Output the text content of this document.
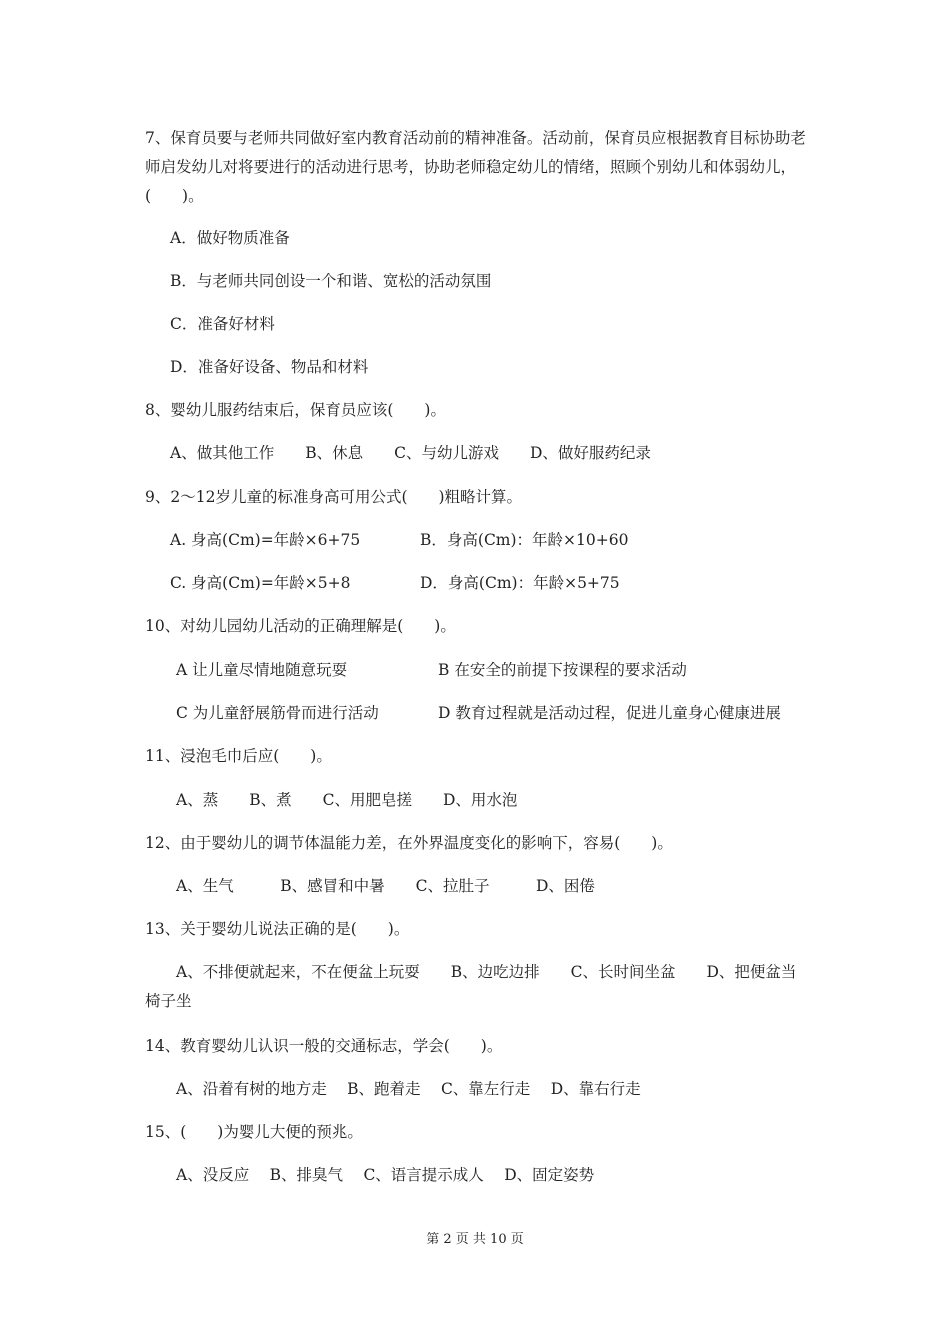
7、保育员要与老师共同做好室内教育活动前的精神准备。活动前，保育员应根据教育目标协助老师启发幼儿对将要进行的活动进行思考，协助老师稳定幼儿的情绪，照顾个别幼儿和体弱幼儿，(　　)。
A．做好物质准备
B．与老师共同创设一个和谐、宽松的活动氛围
C．准备好材料
D．准备好设备、物品和材料
8、婴幼儿服药结束后，保育员应该(　　)。
A、做其他工作　　B、休息　　C、与幼儿游戏　　D、做好服药纪录
9、2～12岁儿童的标准身高可用公式(　　)粗略计算。
A. 身高(Cm)=年龄×6+75	B．身高(Cm)：年龄×10+60
C. 身高(Cm)=年龄×5+8	D．身高(Cm)：年龄×5+75
10、对幼儿园幼儿活动的正确理解是(　　)。
A 让儿童尽情地随意玩耍	B 在安全的前提下按课程的要求活动
C 为儿童舒展筋骨而进行活动	D 教育过程就是活动过程，促进儿童身心健康进展
11、浸泡毛巾后应(　　)。
A、蒸　　B、煮　　C、用肥皂搓　　D、用水泡
12、由于婴幼儿的调节体温能力差，在外界温度变化的影响下，容易(　　)。
A、生气　　　B、感冒和中暑　　C、拉肚子　　　D、困倦
13、关于婴幼儿说法正确的是(　　)。
A、不排便就起来，不在便盆上玩耍　　B、边吃边排　　C、长时间坐盆　　D、把便盆当椅子坐
14、教育婴幼儿认识一般的交通标志，学会(　　)。
A、沿着有树的地方走　 B、跑着走　 C、靠左行走　 D、靠右行走
15、(　　)为婴儿大便的预兆。
A、没反应　 B、排臭气　 C、语言提示成人　 D、固定姿势
第 2 页 共 10 页
